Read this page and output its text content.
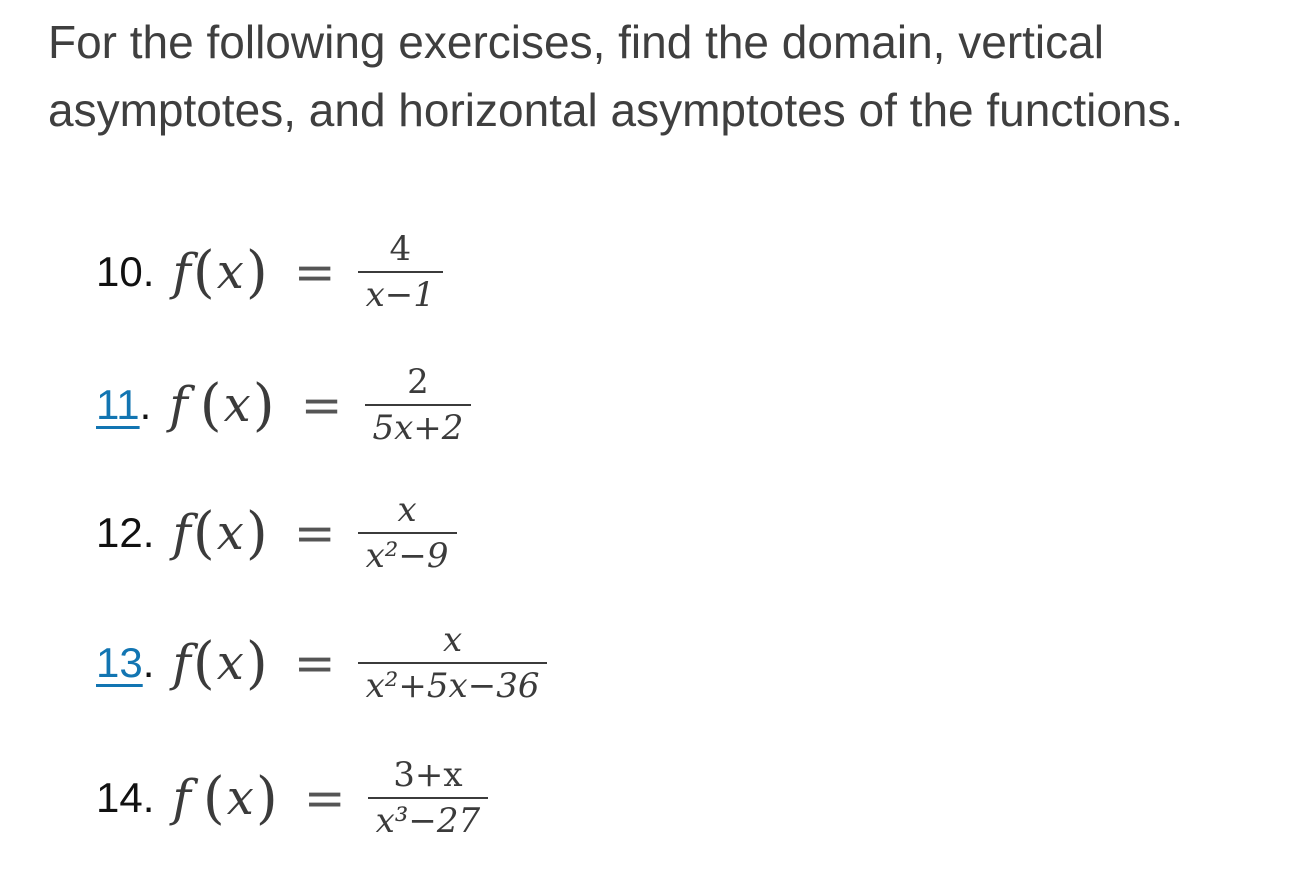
For the following exercises, find the domain, vertical asymptotes, and horizontal asymptotes of the functions.

10 . f ( x ) = $\frac{4}{x-1}$
11 . f ( x ) = $\frac{2}{5x+2}$
12 . f ( x ) = $\frac{x}{\text{x²−9}}$
13 . f ( x ) = $\frac{x}{\text{x²+5x−36}}$
14 . f ( x ) = $\frac{3+x}{\text{x³−27}}$
